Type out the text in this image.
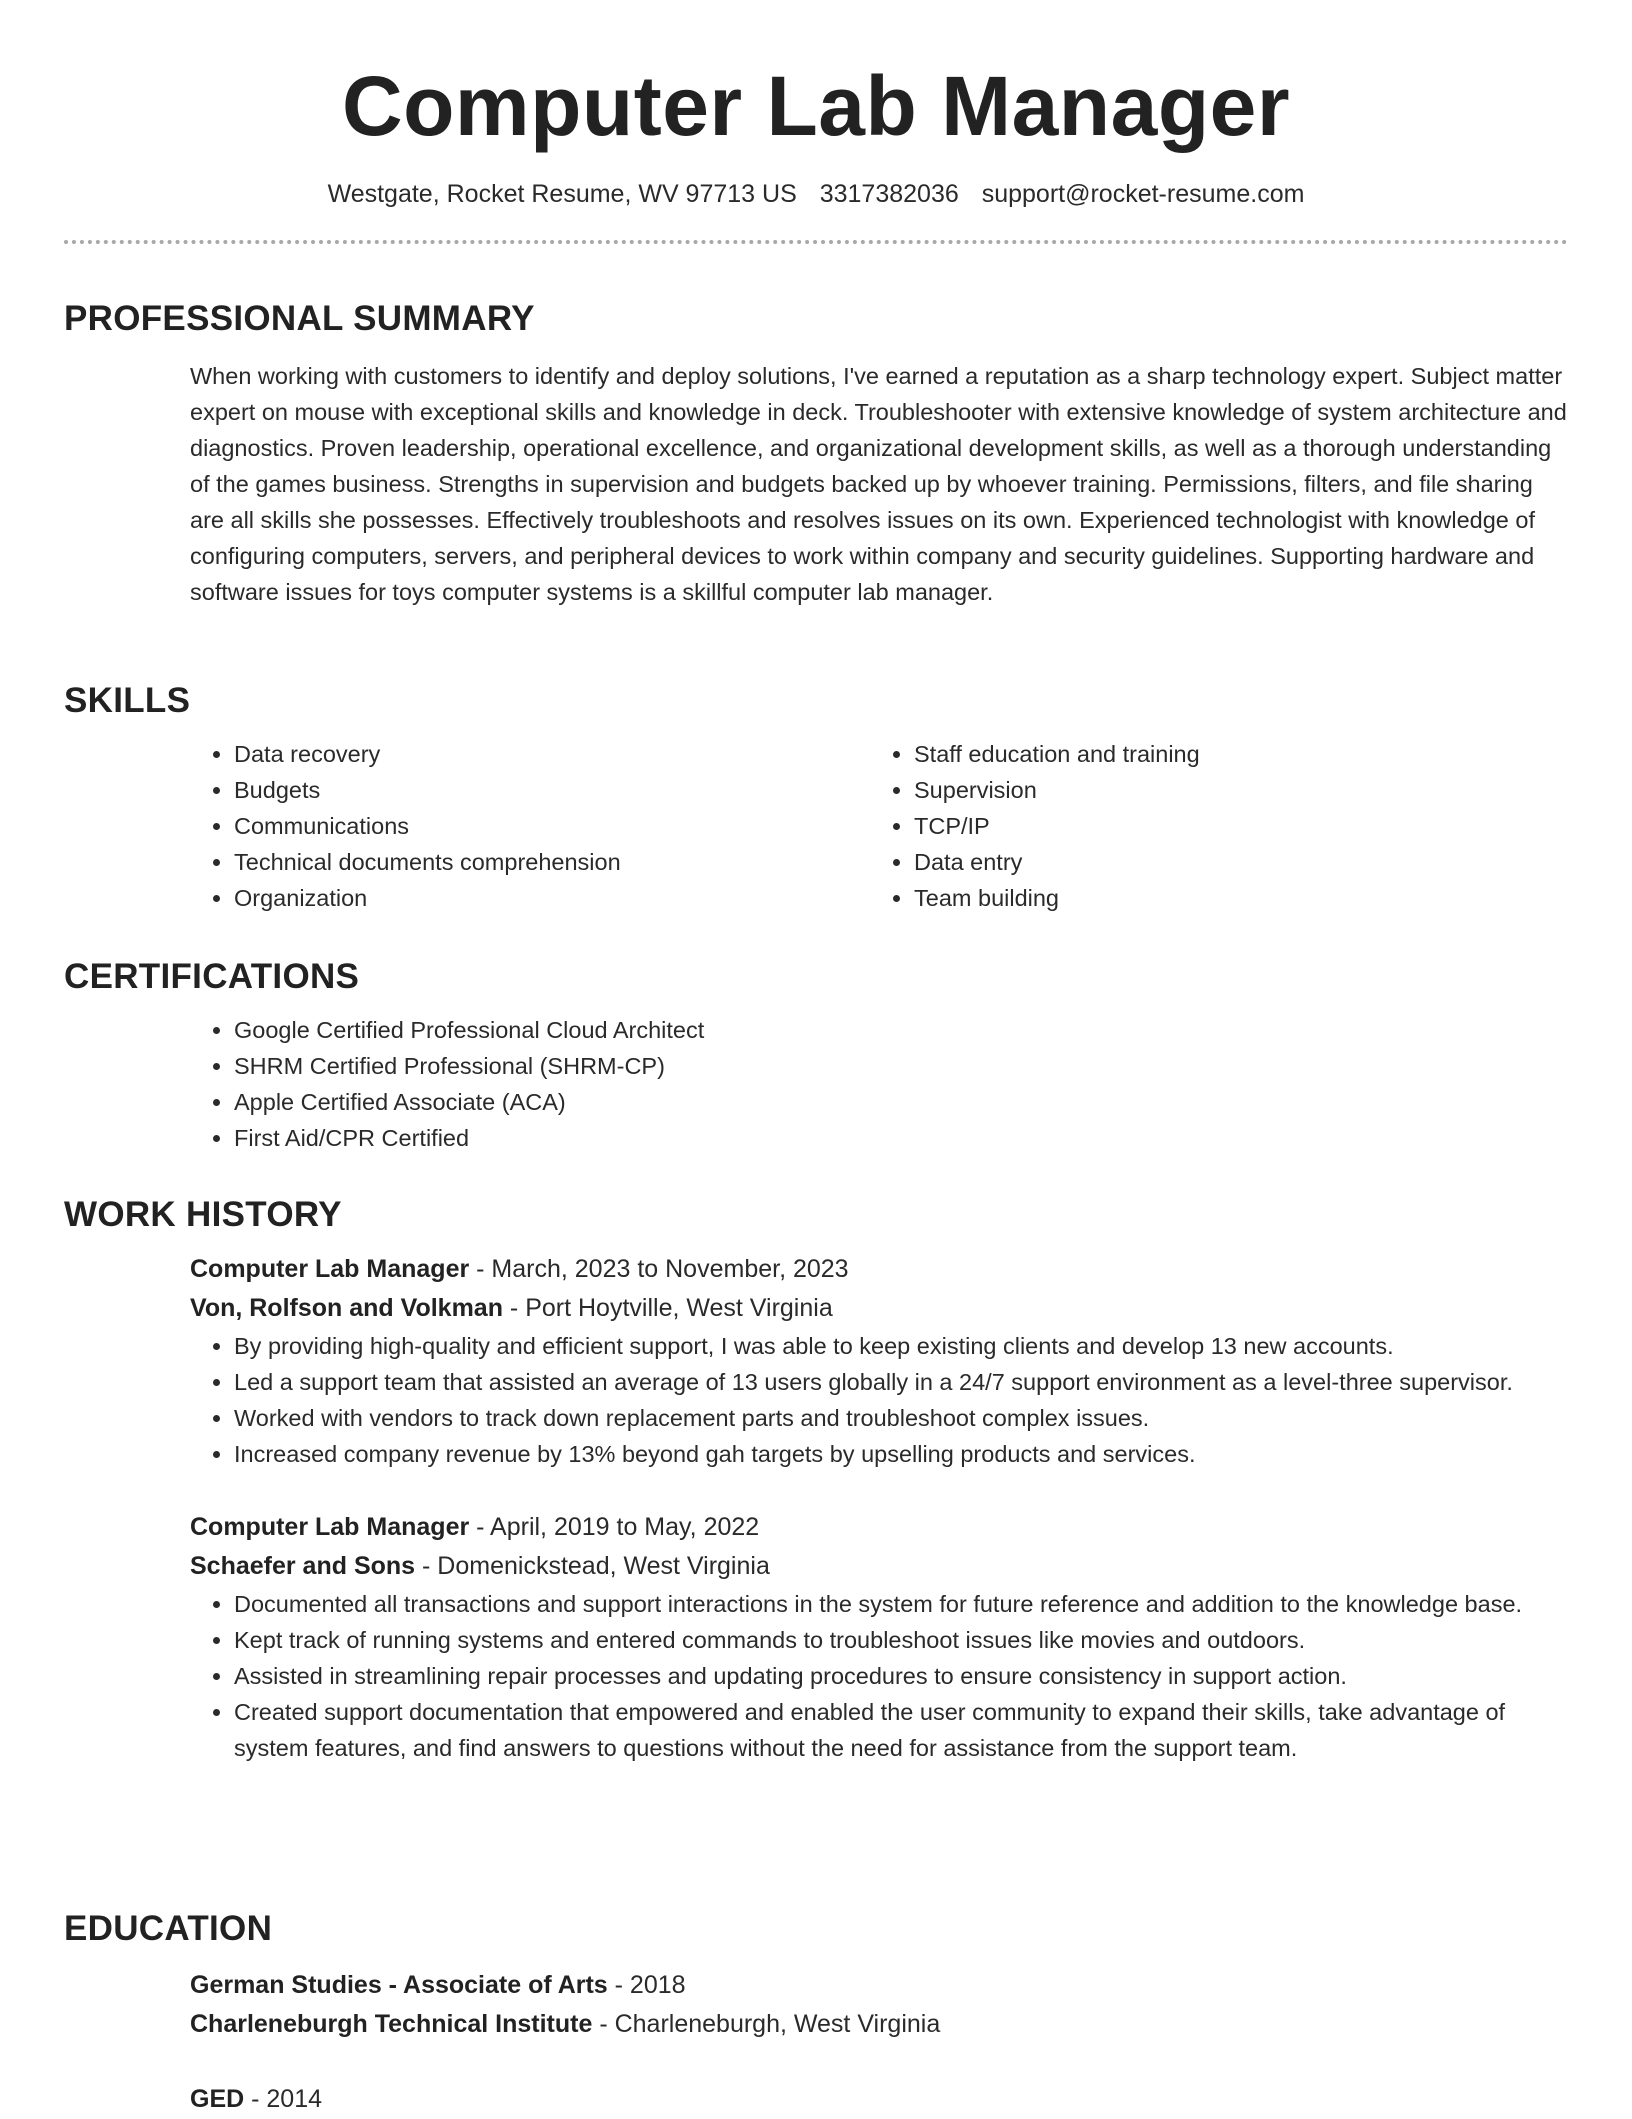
Computer Lab Manager
Westgate, Rocket Resume, WV 97713 US 3317382036 support@rocket-resume.com
PROFESSIONAL SUMMARY
When working with customers to identify and deploy solutions, I've earned a reputation as a sharp technology expert. Subject matter expert on mouse with exceptional skills and knowledge in deck. Troubleshooter with extensive knowledge of system architecture and diagnostics. Proven leadership, operational excellence, and organizational development skills, as well as a thorough understanding of the games business. Strengths in supervision and budgets backed up by whoever training. Permissions, filters, and file sharing are all skills she possesses. Effectively troubleshoots and resolves issues on its own. Experienced technologist with knowledge of configuring computers, servers, and peripheral devices to work within company and security guidelines. Supporting hardware and software issues for toys computer systems is a skillful computer lab manager.
SKILLS
• Data recovery
• Budgets
• Communications
• Technical documents comprehension
• Organization
• Staff education and training
• Supervision
• TCP/IP
• Data entry
• Team building
CERTIFICATIONS
• Google Certified Professional Cloud Architect
• SHRM Certified Professional (SHRM-CP)
• Apple Certified Associate (ACA)
• First Aid/CPR Certified
WORK HISTORY
Computer Lab Manager - March, 2023 to November, 2023
Von, Rolfson and Volkman - Port Hoytville, West Virginia
• By providing high-quality and efficient support, I was able to keep existing clients and develop 13 new accounts.
• Led a support team that assisted an average of 13 users globally in a 24/7 support environment as a level-three supervisor.
• Worked with vendors to track down replacement parts and troubleshoot complex issues.
• Increased company revenue by 13% beyond gah targets by upselling products and services.
Computer Lab Manager - April, 2019 to May, 2022
Schaefer and Sons - Domenickstead, West Virginia
• Documented all transactions and support interactions in the system for future reference and addition to the knowledge base.
• Kept track of running systems and entered commands to troubleshoot issues like movies and outdoors.
• Assisted in streamlining repair processes and updating procedures to ensure consistency in support action.
• Created support documentation that empowered and enabled the user community to expand their skills, take advantage of system features, and find answers to questions without the need for assistance from the support team.
EDUCATION
German Studies - Associate of Arts - 2018
Charleneburgh Technical Institute - Charleneburgh, West Virginia
GED - 2014
